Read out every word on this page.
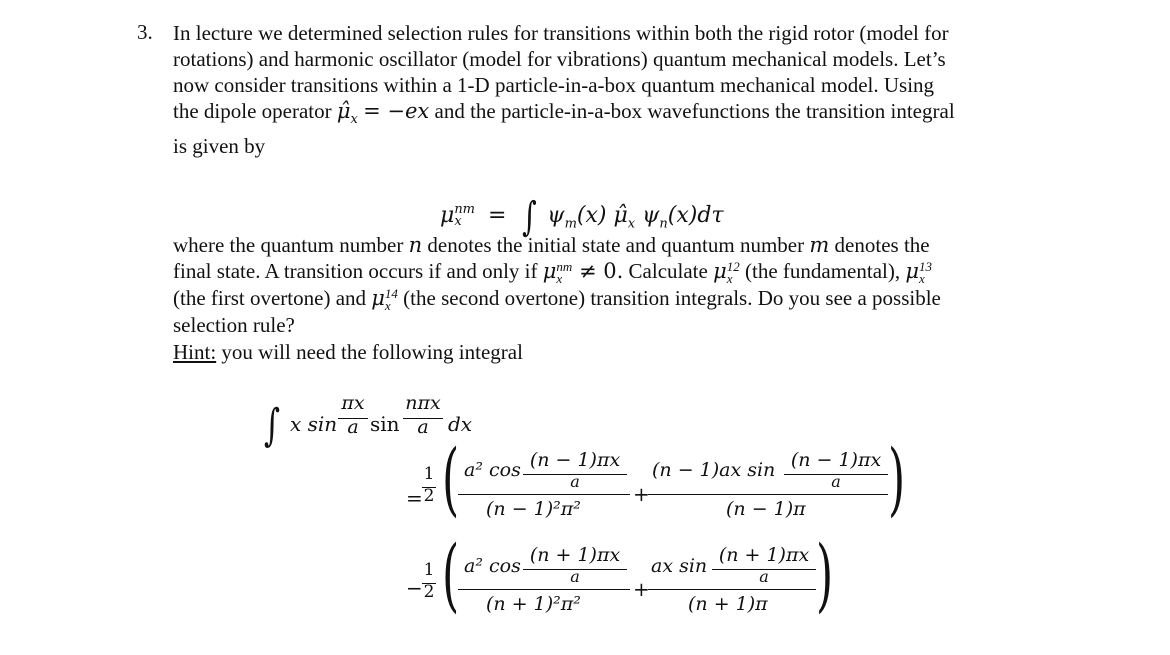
3. In lecture we determined selection rules for transitions within both the rigid rotor (model for
rotations) and harmonic oscillator (model for vibrations) quantum mechanical models. Let’s
now consider transitions within a 1-D particle-in-a-box quantum mechanical model. Using
the dipole operator $\mû_x = -ex$ and the particle-in-a-box wavefunctions the transition integral
is given by
μ nm
x	= ∫ $\psi_m(x)$ $\mû_x$ $\psi_n(x)d\tau$
where the quantum number n denotes the initial state and quantum number m denotes the
final state. A transition occurs if and only if μ nm
x ≠ 0. Calculate μ 12
x (the fundamental), μ 13
x
(the first overtone) and μ 14
x (the second overtone) transition integrals. Do you see a possible
selection rule?
Hint: you will need the following integral
∫ x sin
πx
a sin
nπx
a dx
=
1
2 ( a² cos (n − 1)πx
a
(n − 1)²π²
+
(n − 1)ax sin (n − 1)πx
a
(n − 1)π )
−
1
2 ( a² cos (n + 1)πx
a
(n + 1)²π²
+
ax sin (n + 1)πx
a
(n + 1)π )
